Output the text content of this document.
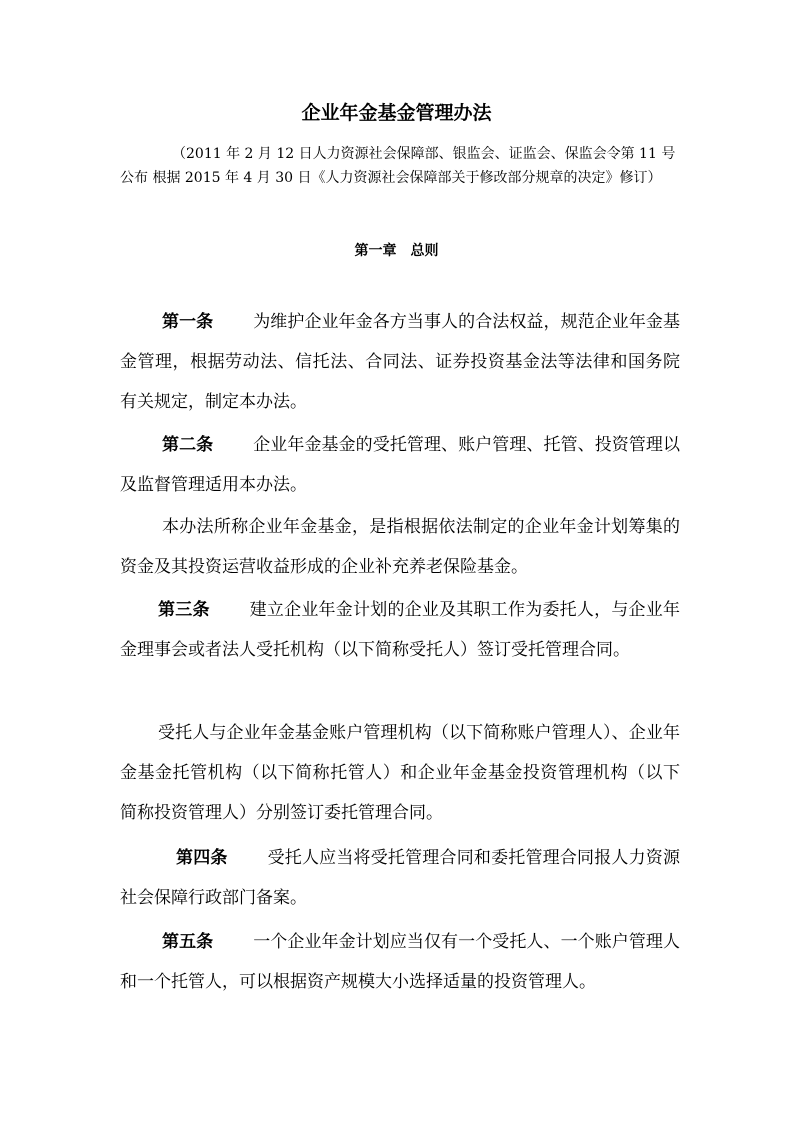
企业年金基金管理办法

（2011 年 2 月 12 日人力资源社会保障部、银监会、证监会、保监会令第 11 号公布 根据 2015 年 4 月 30 日《人力资源社会保障部关于修改部分规章的决定》修订）

第一章　总则

第一条 为维护企业年金各方当事人的合法权益，规范企业年金基金管理，根据劳动法、信托法、合同法、证券投资基金法等法律和国务院有关规定，制定本办法。

第二条 企业年金基金的受托管理、账户管理、托管、投资管理以及监督管理适用本办法。

本办法所称企业年金基金，是指根据依法制定的企业年金计划筹集的资金及其投资运营收益形成的企业补充养老保险基金。

第三条 建立企业年金计划的企业及其职工作为委托人，与企业年金理事会或者法人受托机构（以下简称受托人）签订受托管理合同。

受托人与企业年金基金账户管理机构（以下简称账户管理人）、企业年金基金托管机构（以下简称托管人）和企业年金基金投资管理机构（以下简称投资管理人）分别签订委托管理合同。

第四条 受托人应当将受托管理合同和委托管理合同报人力资源社会保障行政部门备案。

第五条 一个企业年金计划应当仅有一个受托人、一个账户管理人和一个托管人，可以根据资产规模大小选择适量的投资管理人。
